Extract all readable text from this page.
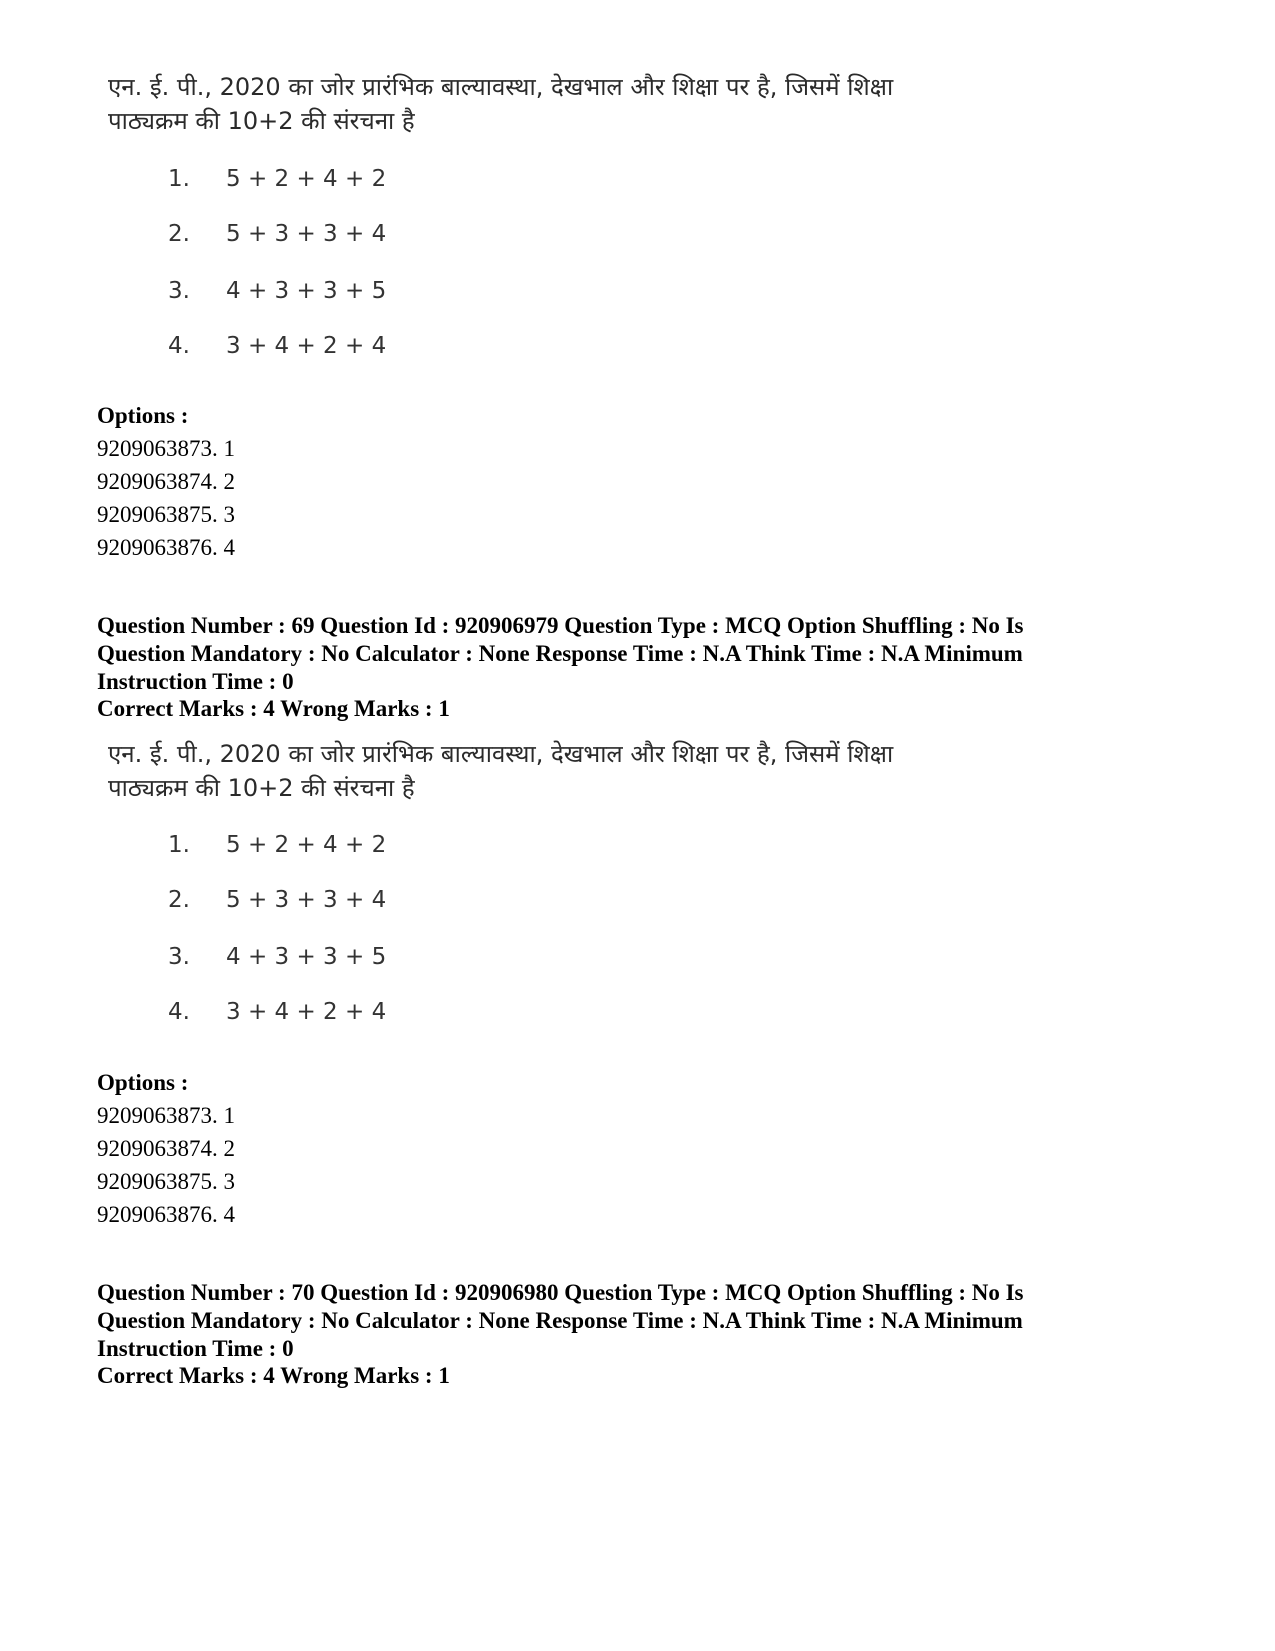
एन. ई. पी., 2020 का जोर प्रारंभिक बाल्यावस्था, देखभाल और शिक्षा पर है, जिसमें शिक्षा
पाठ्यक्रम की 10+2 की संरचना है
1. 5 + 2 + 4 + 2
2. 5 + 3 + 3 + 4
3. 4 + 3 + 3 + 5
4. 3 + 4 + 2 + 4
Options :
9209063873. 1
9209063874. 2
9209063875. 3
9209063876. 4
Question Number : 69 Question Id : 920906979 Question Type : MCQ Option Shuffling : No Is
Question Mandatory : No Calculator : None Response Time : N.A Think Time : N.A Minimum
Instruction Time : 0
Correct Marks : 4 Wrong Marks : 1
एन. ई. पी., 2020 का जोर प्रारंभिक बाल्यावस्था, देखभाल और शिक्षा पर है, जिसमें शिक्षा
पाठ्यक्रम की 10+2 की संरचना है
1. 5 + 2 + 4 + 2
2. 5 + 3 + 3 + 4
3. 4 + 3 + 3 + 5
4. 3 + 4 + 2 + 4
Options :
9209063873. 1
9209063874. 2
9209063875. 3
9209063876. 4
Question Number : 70 Question Id : 920906980 Question Type : MCQ Option Shuffling : No Is
Question Mandatory : No Calculator : None Response Time : N.A Think Time : N.A Minimum
Instruction Time : 0
Correct Marks : 4 Wrong Marks : 1
